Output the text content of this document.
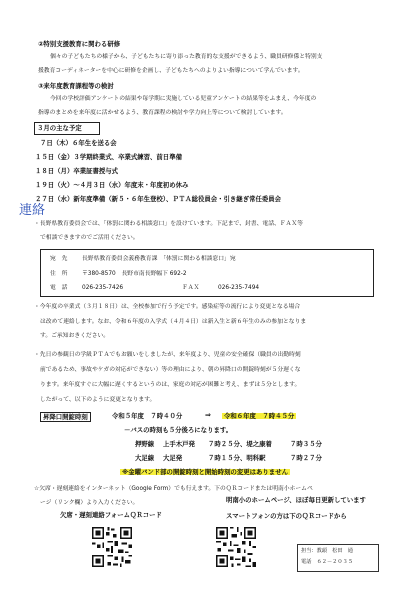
②特別支援教育に関わる研修
個々の子どもたちの様子から、子どもたちに寄り添った教育的な支援ができるよう、職員研修係と特別支
援教育コーディネーターを中心に研修を企画し、子どもたちへのよりよい指導について学んでいます。
③来年度教育課程等の検討
今回の学校評価アンケートの結果や毎学期に実施している児童アンケートの結果等をふまえ、今年度の
指導のまとめを来年度に活かせるよう、教育課程の検討や学力向上等について検討しています。
３月の主な予定
７日（木）６年生を送る会
１５日（金）３学期終業式、卒業式練習、前日準備
１８日（月）卒業証書授与式
１９日（火）～４月３日（水）年度末・年度初め休み
２７日（水）新年度準備（新５・６年生登校）、ＰＴＡ総役員会・引き継ぎ常任委員会
連絡
・長野県教育委員会では、「体罰に関わる相談窓口」を設けています。下記まで、封書、電話、ＦＡＸ等
で相談できますのでご活用ください。
宛　先	長野県教育委員会義務教育課　「体罰に関わる相談窓口」宛
住　所	〒380-8570　長野市南長野幅下 692-2
電　話	026-235-7426	ＦＡＸ	026-235-7494
・今年度の卒業式（３月１８日）は、全校参加で行う予定です。感染症等の流行により変更となる場合
は改めて連絡します。なお、令和６年度の入学式（４月４日）は新入生と新６年生のみの参加となりま
す。ご承知おきください。
・先日の参観日の学級ＰＴＡでもお願いをしましたが、来年度より、児童の安全確保（職員の出勤時刻
前であるため、事故やケガの対応ができない）等の理由により、朝の昇降口の開錠時刻が５分遅くな
ります。来年度すぐに大幅に遅くするというのは、家庭の対応が困難と考え、まずは５分とします。
したがって、以下のように変更となります。
昇降口開錠時刻	令和５年度　７時４０分	⇒	令和６年度　７時４５分
－バスの時刻も５分後ろになります。
押野線 上手木戸発 ７時２５分、堤之康着	７時３５分
大足線 大足発	７時１５分、明科駅	７時２７分
※金曜バンド部の開錠時刻と開始時刻の変更はありません
☆欠席・遅刻連絡をインターネット（Google Form）でも行えます。下のＱＲコードまたは明南小ホームペ
ージ（リンク欄）より入力ください。	明南小のホームページ、ほぼ毎日更新しています
欠席・遅刻連絡フォームＱＲコード	スマートフォンの方は下のＱＲコードから
担当：教頭　松田　通
電話　６２－２０３５
